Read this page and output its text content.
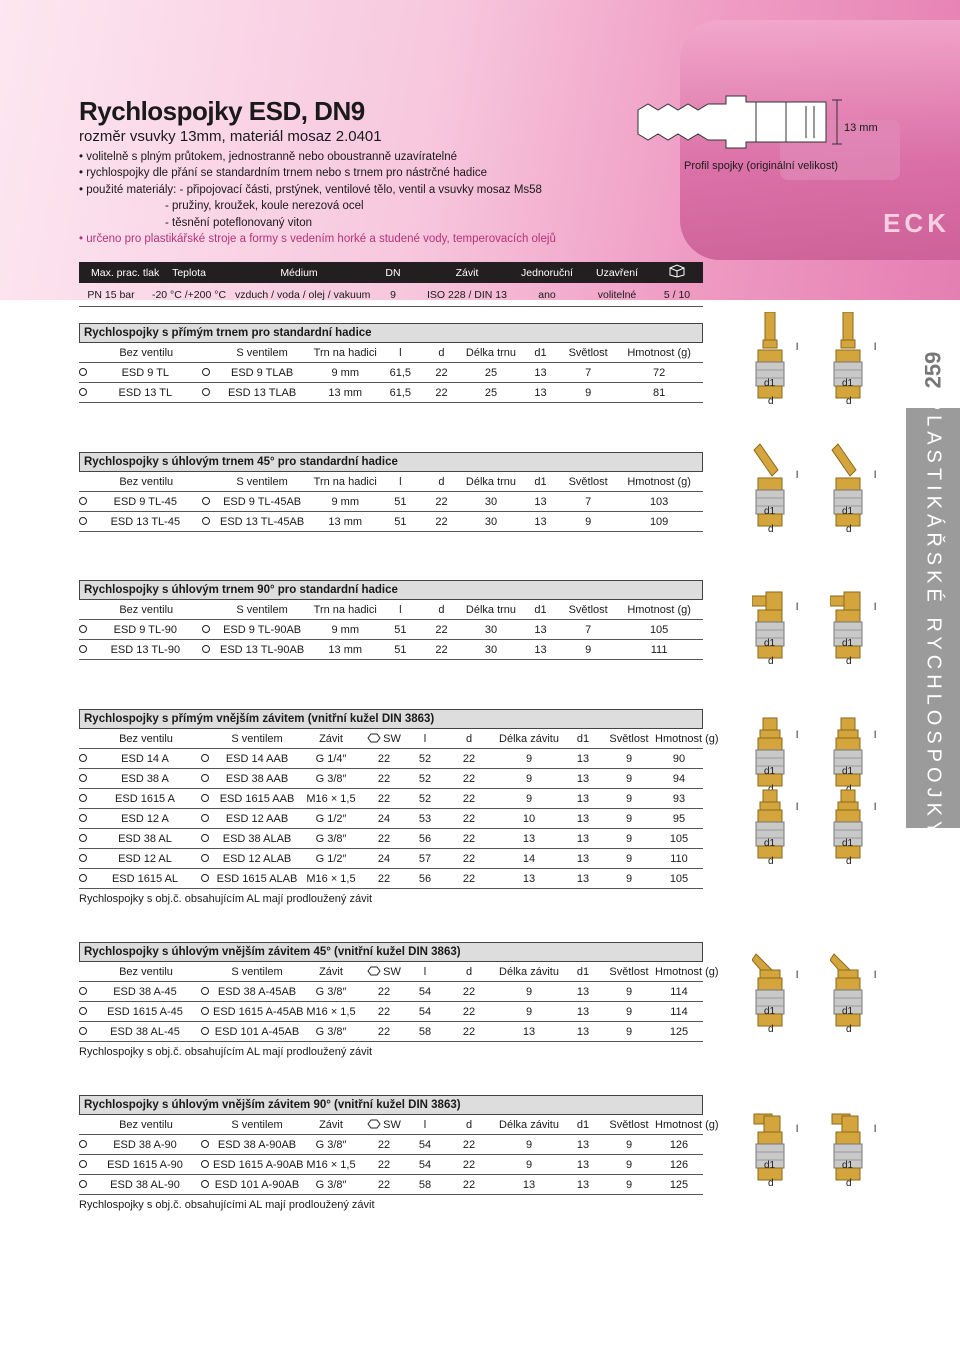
ECK
Rychlospojky ESD, DN9
rozměr vsuvky 13mm, materiál mosaz 2.0401
• volitelně s plným průtokem, jednostranně nebo oboustranně uzavíratelné
• rychlospojky dle přání se standardním trnem nebo s trnem pro nástrčné hadice
• použité materiály: - připojovací části, prstýnek, ventilové tělo, ventil a vsuvky mosaz Ms58
- pružiny, kroužek, koule nerezová ocel
- těsnění poteflonovaný viton
• určeno pro plastikářské stroje a formy s vedením horké a studené vody, temperovacích olejů
13 mm
Profil spojky (originální velikost)
Max. prac. tlak	Teplota	Médium	DN	Závit	Jednoruční	Uzavření
PN 15 bar	-20 °C /+200 °C vzduch / voda / olej / vakuum	9	ISO 228 / DIN 13	ano	volitelné	5 / 10
Rychlospojky s přímým trnem pro standardní hadice
Bez ventilu	S ventilem	Trn na hadici	l	d	Délka trnu	d1	Světlost	Hmotnost (g)
ESD 9 TL	ESD 9 TLAB	9 mm	61,5	22	25	13	7	72
ESD 13 TL	ESD 13 TLAB	13 mm	61,5	22	25	13	9	81
Rychlospojky s úhlovým trnem 45° pro standardní hadice
Bez ventilu	S ventilem	Trn na hadici	l	d	Délka trnu	d1	Světlost	Hmotnost (g)
ESD 9 TL-45	ESD 9 TL-45AB	9 mm	51	22	30	13	7	103
ESD 13 TL-45	ESD 13 TL-45AB	13 mm	51	22	30	13	9	109
Rychlospojky s úhlovým trnem 90° pro standardní hadice
Bez ventilu	S ventilem	Trn na hadici	l	d	Délka trnu	d1	Světlost	Hmotnost (g)
ESD 9 TL-90	ESD 9 TL-90AB	9 mm	51	22	30	13	7	105
ESD 13 TL-90	ESD 13 TL-90AB	13 mm	51	22	30	13	9	111
Rychlospojky s přímým vnějším závitem (vnitřní kužel DIN 3863)
Bez ventilu	S ventilem	Závit	SW	l	d	Délka závitu	d1	Světlost Hmotnost (g)
ESD 14 A	ESD 14 AAB	G 1/4″	22	52	22	9	13	9	90
ESD 38 A	ESD 38 AAB	G 3/8″	22	52	22	9	13	9	94
ESD 1615 A	ESD 1615 AAB	M16 × 1,5	22	52	22	9	13	9	93
ESD 12 A	ESD 12 AAB	G 1/2″	24	53	22	10	13	9	95
ESD 38 AL	ESD 38 ALAB	G 3/8″	22	56	22	13	13	9	105
ESD 12 AL	ESD 12 ALAB	G 1/2″	24	57	22	14	13	9	110
ESD 1615 AL	ESD 1615 ALAB M16 × 1,5	22	56	22	13	13	9	105
Rychlospojky s obj.č. obsahujícím AL mají prodloužený závit
Rychlospojky s úhlovým vnějším závitem 45° (vnitřní kužel DIN 3863)
Bez ventilu	S ventilem	Závit	SW	l	d	Délka závitu	d1	Světlost Hmotnost (g)
ESD 38 A-45	ESD 38 A-45AB	G 3/8″	22	54	22	9	13	9	114
ESD 1615 A-45	ESD 1615 A-45AB M16 × 1,5	22	54	22	9	13	9	114
ESD 38 AL-45	ESD 101 A-45AB	G 3/8″	22	58	22	13	13	9	125
Rychlospojky s obj.č. obsahujícím AL mají prodloužený závit
Rychlospojky s úhlovým vnějším závitem 90° (vnitřní kužel DIN 3863)
Bez ventilu	S ventilem	Závit	SW	l	d	Délka závitu	d1	Světlost Hmotnost (g)
ESD 38 A-90	ESD 38 A-90AB	G 3/8″	22	54	22	9	13	9	126
ESD 1615 A-90	ESD 1615 A-90AB M16 × 1,5	22	54	22	9	13	9	126
ESD 38 AL-90	ESD 101 A-90AB	G 3/8″	22	58	22	13	13	9	125
Rychlospojky s obj.č. obsahujícími AL mají prodloužený závit
l
d1
d
l
d1
d
l
d1
d
l
d1
d
l
d1
d
l
d1
d
l
d1
l
d1
l
d1
d
l
d1
d
l
d1
d
l
d1
d
l
d1
d
l
d1
d
259
PLASTIKÁŘSKÉ RYCHLOSPOJKY
